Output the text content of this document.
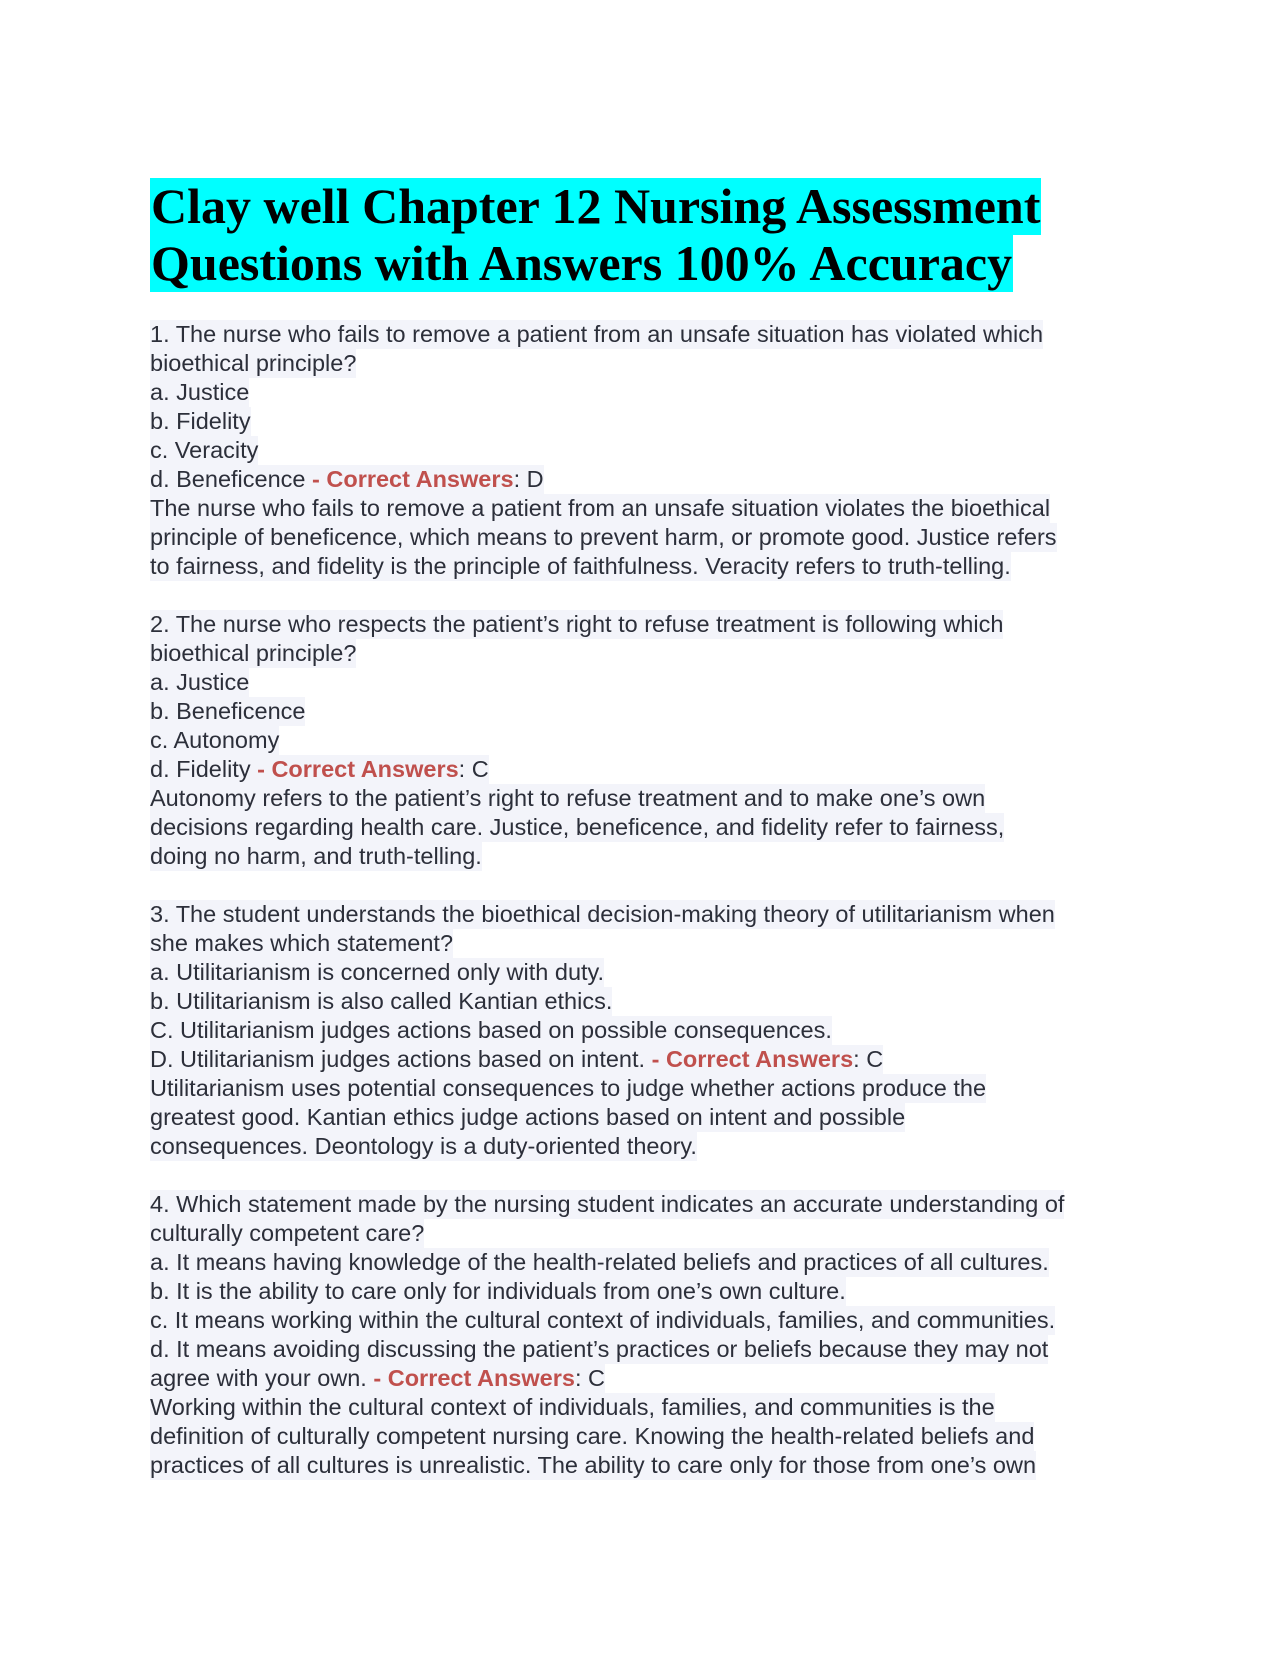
Clay well Chapter 12 Nursing Assessment
Questions with Answers 100% Accuracy
1. The nurse who fails to remove a patient from an unsafe situation has violated which
bioethical principle?
a. Justice
b. Fidelity
c. Veracity
d. Beneficence - Correct Answers: D
The nurse who fails to remove a patient from an unsafe situation violates the bioethical
principle of beneficence, which means to prevent harm, or promote good. Justice refers
to fairness, and fidelity is the principle of faithfulness. Veracity refers to truth-telling.

2. The nurse who respects the patient’s right to refuse treatment is following which
bioethical principle?
a. Justice
b. Beneficence
c. Autonomy
d. Fidelity - Correct Answers: C
Autonomy refers to the patient’s right to refuse treatment and to make one’s own
decisions regarding health care. Justice, beneficence, and fidelity refer to fairness,
doing no harm, and truth-telling.

3. The student understands the bioethical decision-making theory of utilitarianism when
she makes which statement?
a. Utilitarianism is concerned only with duty.
b. Utilitarianism is also called Kantian ethics.
C. Utilitarianism judges actions based on possible consequences.
D. Utilitarianism judges actions based on intent. - Correct Answers: C
Utilitarianism uses potential consequences to judge whether actions produce the
greatest good. Kantian ethics judge actions based on intent and possible
consequences. Deontology is a duty-oriented theory.

4. Which statement made by the nursing student indicates an accurate understanding of
culturally competent care?
a. It means having knowledge of the health-related beliefs and practices of all cultures.
b. It is the ability to care only for individuals from one’s own culture.
c. It means working within the cultural context of individuals, families, and communities.
d. It means avoiding discussing the patient’s practices or beliefs because they may not
agree with your own. - Correct Answers: C
Working within the cultural context of individuals, families, and communities is the
definition of culturally competent nursing care. Knowing the health-related beliefs and
practices of all cultures is unrealistic. The ability to care only for those from one’s own
